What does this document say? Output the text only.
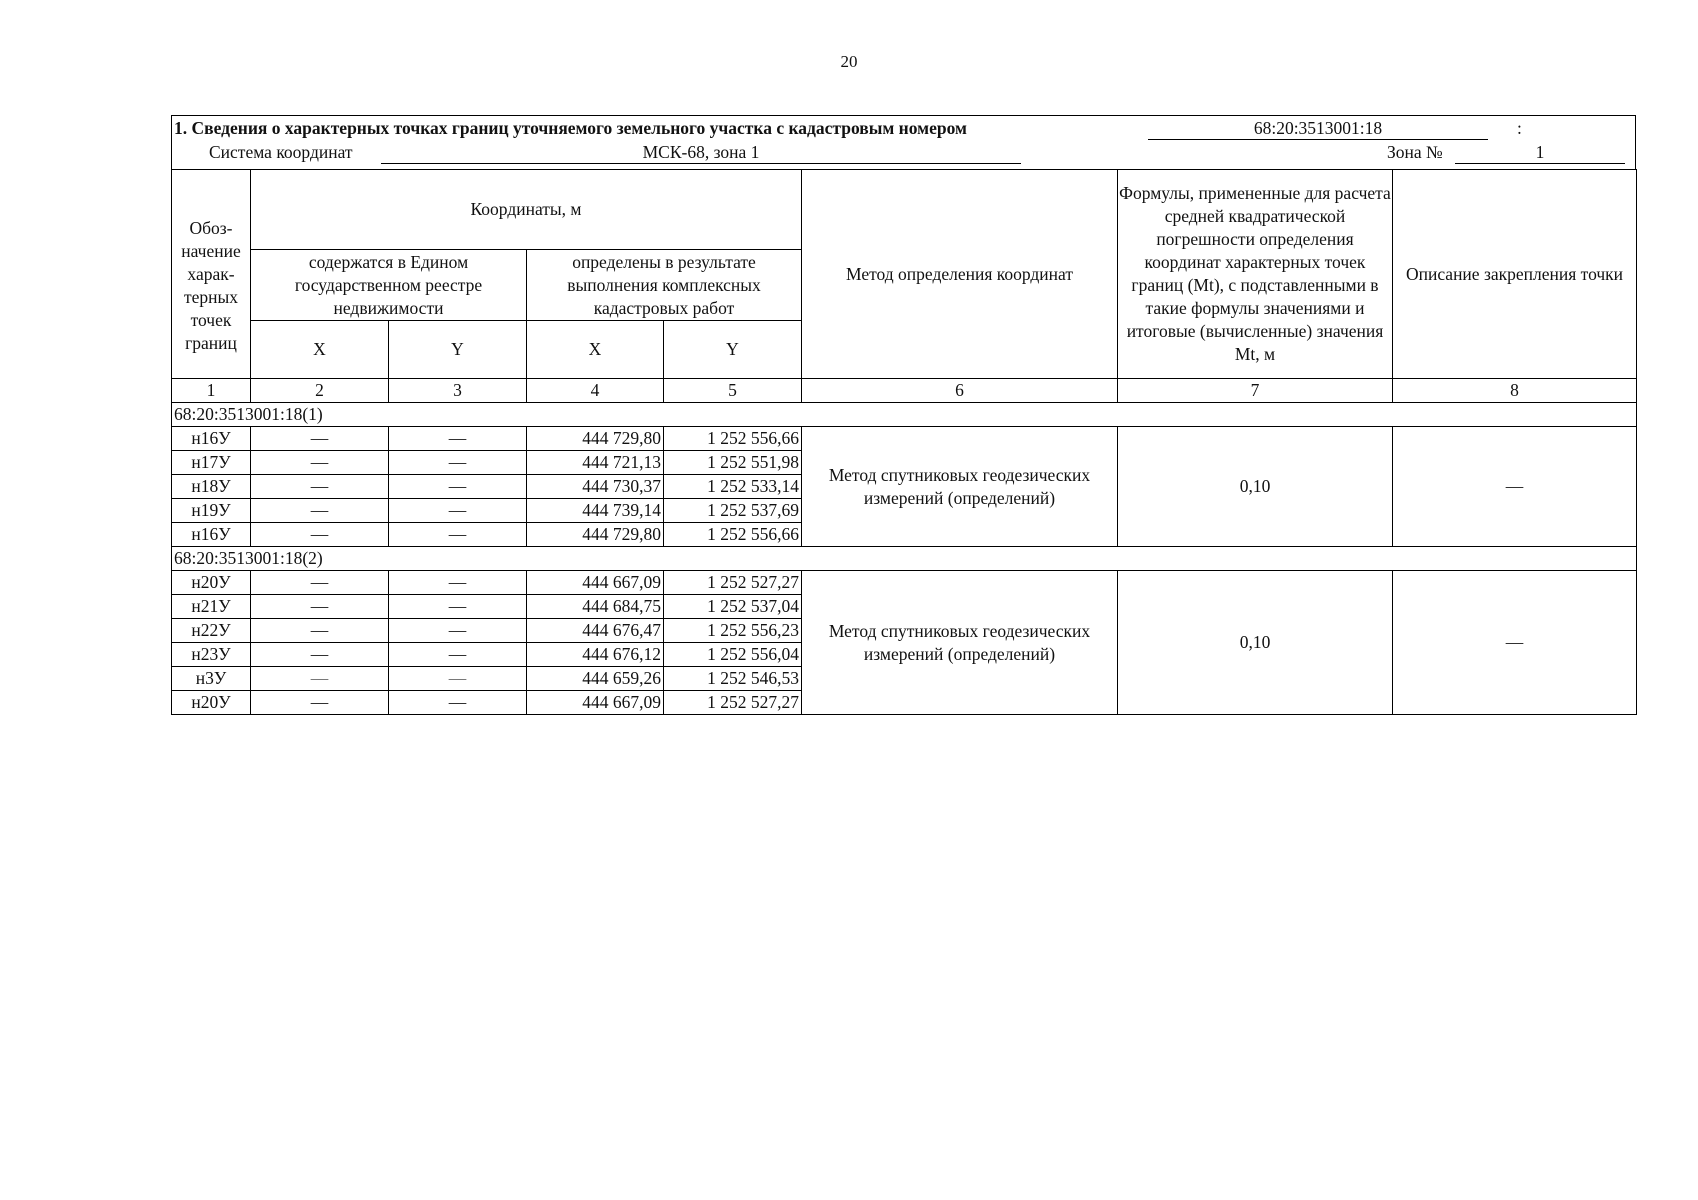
20
1. Сведения о характерных точках границ уточняемого земельного участка с кадастровым номером	68:20:3513001:18	:
Система координат	МСК-68, зона 1	Зона №	1
Обоз-начение харак-терных точек границ	Координаты, м				Метод определения координат	Формулы, примененные для расчета средней квадратической погрешности определения координат характерных точек границ (Mt), с подставленными в такие формулы значениями и итоговые (вычисленные) значения Mt, м	Описание закрепления точки
	содержатся в Едином государственном реестре недвижимости		определены в результате выполнения комплексных кадастровых работ				
	X	Y	X	Y			
1	2	3	4	5	6	7	8
68:20:3513001:18(1)							
н16У	—	—	444 729,80	1 252 556,66	Метод спутниковых геодезических измерений (определений)	0,10	—
н17У	—	—	444 721,13	1 252 551,98			
н18У	—	—	444 730,37	1 252 533,14			
н19У	—	—	444 739,14	1 252 537,69			
н16У	—	—	444 729,80	1 252 556,66			
68:20:3513001:18(2)							
н20У	—	—	444 667,09	1 252 527,27	Метод спутниковых геодезических измерений (определений)	0,10	—
н21У	—	—	444 684,75	1 252 537,04			
н22У	—	—	444 676,47	1 252 556,23			
н23У	—	—	444 676,12	1 252 556,04			
н3У	—	—	444 659,26	1 252 546,53			
н20У	—	—	444 667,09	1 252 527,27			
